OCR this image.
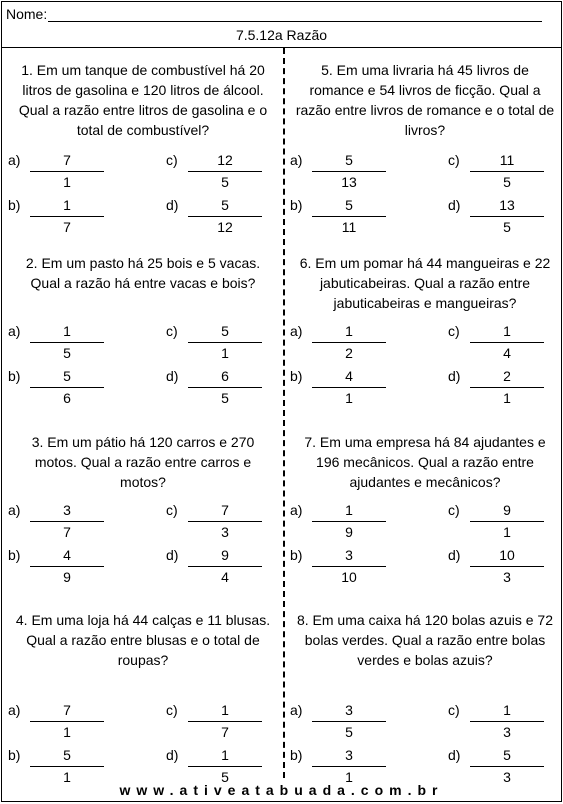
Nome:
7.5.12a Razão
1. Em um tanque de combustível há 20 litros de gasolina e 120 litros de álcool. Qual a razão entre litros de gasolina e o total de combustível?
a)	7
1
b)	1
7
c)	12
5
d)	5
12
5. Em uma livraria há 45 livros de romance e 54 livros de ficção. Qual a razão entre livros de romance e o total de livros?
a)	5
13
b)	5
11
c)	11
5
d)	13
5
2. Em um pasto há 25 bois e 5 vacas. Qual a razão há entre vacas e bois?
a)	1
5
b)	5
6
c)	5
1
d)	6
5
6. Em um pomar há 44 mangueiras e 22 jabuticabeiras. Qual a razão entre jabuticabeiras e mangueiras?
a)	1
2
b)	4
1
c)	1
4
d)	2
1
3. Em um pátio há 120 carros e 270 motos. Qual a razão entre carros e motos?
a)	3
7
b)	4
9
c)	7
3
d)	9
4
7. Em uma empresa há 84 ajudantes e 196 mecânicos. Qual a razão entre ajudantes e mecânicos?
a)	1
9
b)	3
10
c)	9
1
d)	10
3
4. Em uma loja há 44 calças e 11 blusas. Qual a razão entre blusas e o total de roupas?
a)	7
1
b)	5
1
c)	1
7
d)	1
5
8. Em uma caixa há 120 bolas azuis e 72 bolas verdes. Qual a razão entre bolas verdes e bolas azuis?
a)	3
5
b)	3
1
c)	1
3
d)	5
3
www.ativeatabuada.com.br
